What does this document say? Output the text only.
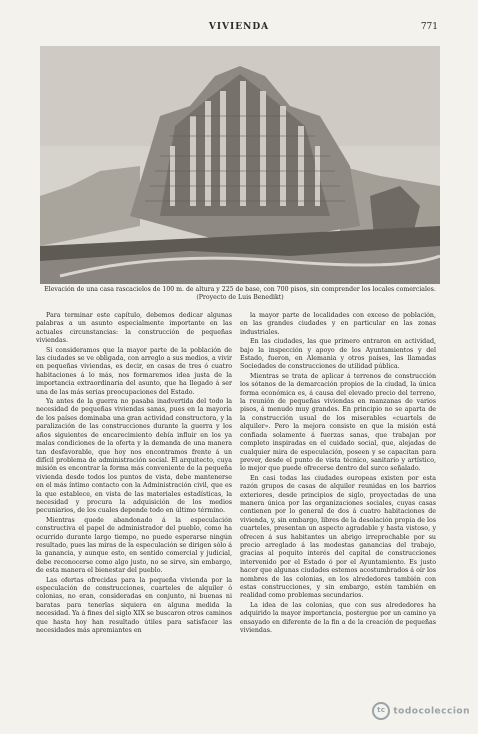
VIVIENDA	771
Elevación de una casa rascacielos de 100 m. de altura y 225 de base, con 700 pisos, sin comprender los locales comerciales. (Proyecto de Luis Benedikt)

Para terminar este capítulo, debemos dedicar algunas palabras a un asunto especialmente importante en las actuales circunstancias: la construcción de pequeñas viviendas.

Si consideramos que la mayor parte de la población de las ciudades se ve obligada, con arreglo a sus medios, a vivir en pequeñas viviendas, es decir, en casas de tres ó cuatro habitaciones á lo más, nos formaremos idea justa de la importancia extraordinaria del asunto, que ha llegado á ser una de las más serias preocupaciones del Estado.

Ya antes de la guerra no pasaba inadvertida del todo la necesidad de pequeñas viviendas sanas, pues en la mayoría de los países dominaba una gran actividad constructora, y la paralización de las construcciones durante la guerra y los años siguientes de encarecimiento debía influir en los ya malas condiciones de la oferta y la demanda de una manera tan desfavorable, que hoy nos encontramos frente á un difícil problema de administración social. El arquitecto, cuya misión es encontrar la forma más conveniente de la pequeña vivienda desde todos los puntos de vista, debe mantenerse en el más íntimo contacto con la Administración civil, que es la que establece, en vista de las materiales estadísticas, la necesidad y procura la adquisición de los medios pecuniarios, de los cuales depende todo en último término.

Mientras quede abandonado á la especulación constructiva el papel de administrador del pueblo, como ha ocurrido durante largo tiempo, no puede esperarse ningún resultado, pues las miras de la especulación se dirigen sólo á la ganancia, y aunque esto, en sentido comercial y judicial, debe reconocerse como algo justo, no se sirve, sin embargo, de esta manera el bienestar del pueblo.

Las ofertas ofrecidas para la pequeña vivienda por la especulación de construcciones, cuarteles de alquiler ó colonias, no eran, consideradas en conjunto, ni buenas ni baratas para tenerlas siquiera en alguna medida la necesidad. Ya á fines del siglo XIX se buscaron otros caminos que hasta hoy han resultado útiles para satisfacer las necesidades más apremiantes en

la mayor parte de localidades con exceso de población, en las grandes ciudades y en particular en las zonas industriales.

En las ciudades, las que primero entraron en actividad, bajo la inspección y apoyo de los Ayuntamientos y del Estado, fueron, en Alemania y otros países, las llamadas Sociedades de construcciones de utilidad pública.

Mientras se trata de aplicar á terrenos de construcción los sótanos de la demarcación propios de la ciudad, la única forma económica es, á causa del elevado precio del terreno, la reunión de pequeñas viviendas en manzanas de varios pisos, á menudo muy grandes. En principio no se aparta de la construcción usual de los miserables «cuartels de alquiler». Pero la mejora consiste en que la misión está confiada solamente á fuerzas sanas, que trabajan por completo inspiradas en el cuidado social, que, alejadas de cualquier mira de especulación, poseen y se capacitan para prever, desde el punto de vista técnico, sanitario y artístico, lo mejor que puede ofrecerse dentro del surco señalado.

En casi todas las ciudades europeas existen por esta razón grupos de casas de alquiler reunidas en los barrios exteriores, desde principios de siglo, proyectadas de una manera única por las organizaciones sociales, cuyas casas contienen por lo general de dos á cuatro habitaciones de vivienda, y, sin embargo, libres de la desolación propia de los cuarteles, presentan un aspecto agradable y hasta vistoso, y ofrecen á sus habitantes un abrigo irreprochable por su precio arreglado á las modestas ganancias del trabajo, gracias al poquito interés del capital de construcciones intervenido por el Estado ó por el Ayuntamiento. Es justo hacer que algunas ciudades estemos acostumbrados á oír los nombres de las colonias, en los alrededores también con estas construcciones, y sin embargo, estén también en realidad como problemas secundarios.

La idea de las colonias, que con sus alrededores ha adquirido la mayor importancia, postergue por un camino ya ensayado en diferente de la fin a de la creación de pequeñas viviendas.

tc todocoleccion
